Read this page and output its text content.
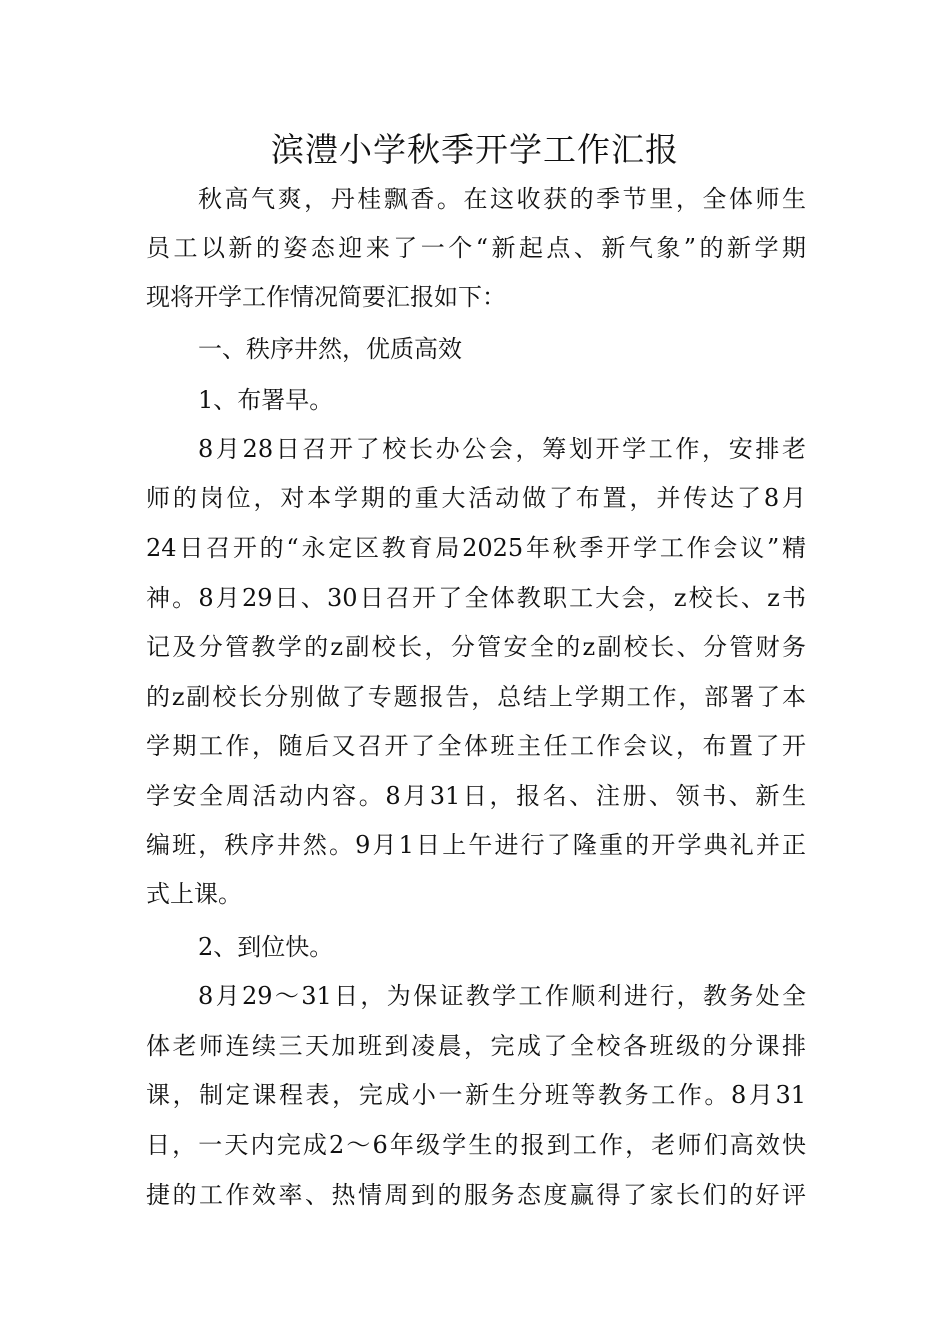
滨澧小学秋季开学工作汇报
秋高气爽，丹桂飘香。在这收获的季节里，全体师生
员工以新的姿态迎来了一个“新起点、新气象”的新学期
现将开学工作情况简要汇报如下：
一、秩序井然，优质高效
1、布署早。
8月28日召开了校长办公会，筹划开学工作，安排老
师的岗位，对本学期的重大活动做了布置，并传达了8月
24日召开的“永定区教育局2025年秋季开学工作会议”精
神。8月29日、30日召开了全体教职工大会，z校长、z书
记及分管教学的z副校长，分管安全的z副校长、分管财务
的z副校长分别做了专题报告，总结上学期工作，部署了本
学期工作，随后又召开了全体班主任工作会议，布置了开
学安全周活动内容。8月31日，报名、注册、领书、新生
编班，秩序井然。9月1日上午进行了隆重的开学典礼并正
式上课。
2、到位快。
8月29～31日，为保证教学工作顺利进行，教务处全
体老师连续三天加班到凌晨，完成了全校各班级的分课排
课，制定课程表，完成小一新生分班等教务工作。8月31
日，一天内完成2～6年级学生的报到工作，老师们高效快
捷的工作效率、热情周到的服务态度赢得了家长们的好评
